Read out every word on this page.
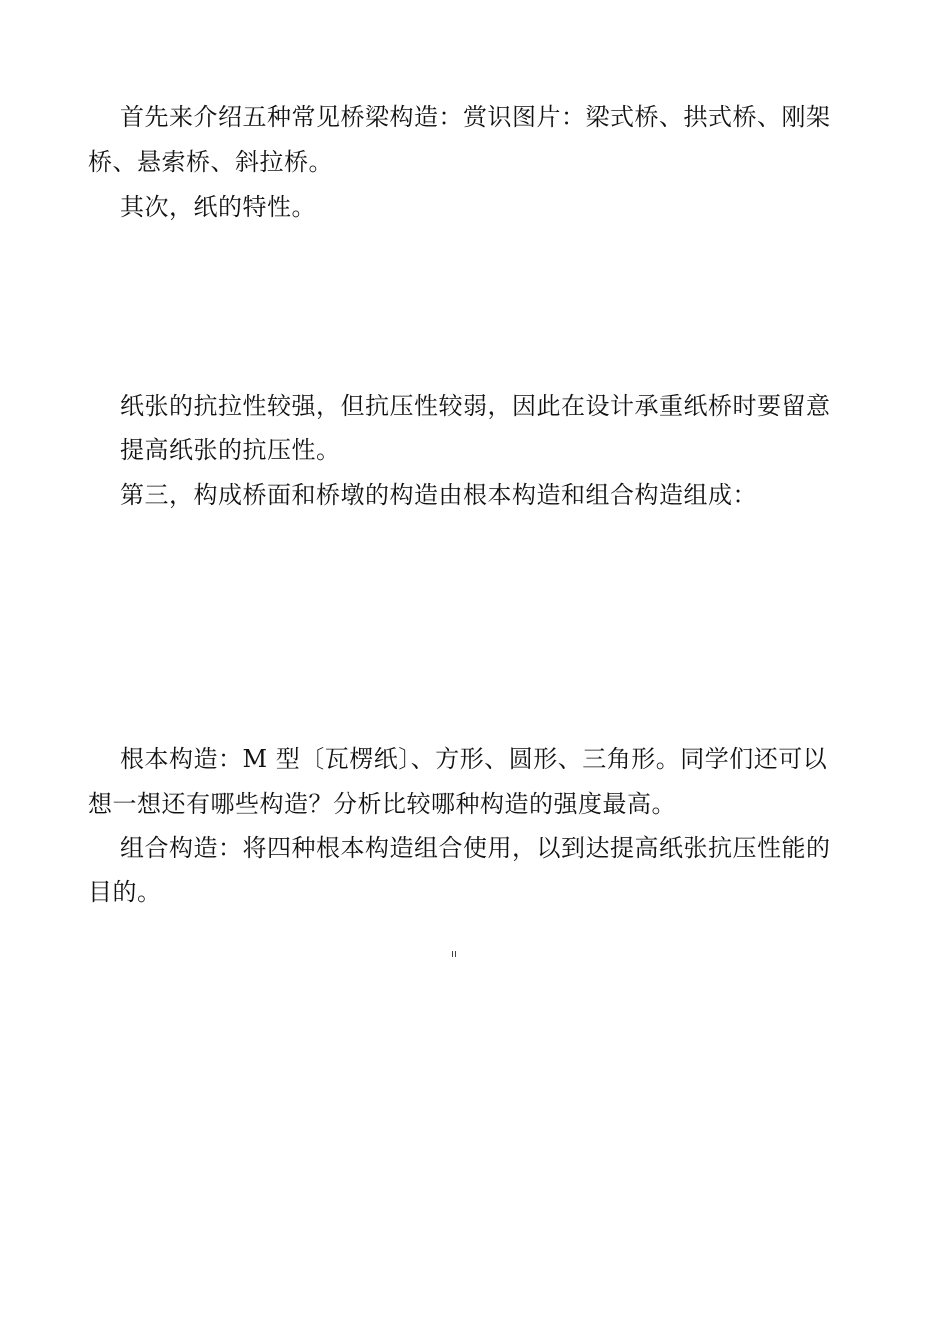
首先来介绍五种常见桥梁构造：赏识图片：梁式桥、拱式桥、刚架
桥、悬索桥、斜拉桥。
其次，纸的特性。
纸张的抗拉性较强，但抗压性较弱，因此在设计承重纸桥时要留意
提高纸张的抗压性。
第三，构成桥面和桥墩的构造由根本构造和组合构造组成：
根本构造：M 型〔瓦楞纸〕、方形、圆形、三角形。同学们还可以
想一想还有哪些构造？分析比较哪种构造的强度最高。
组合构造：将四种根本构造组合使用，以到达提高纸张抗压性能的
目的。
